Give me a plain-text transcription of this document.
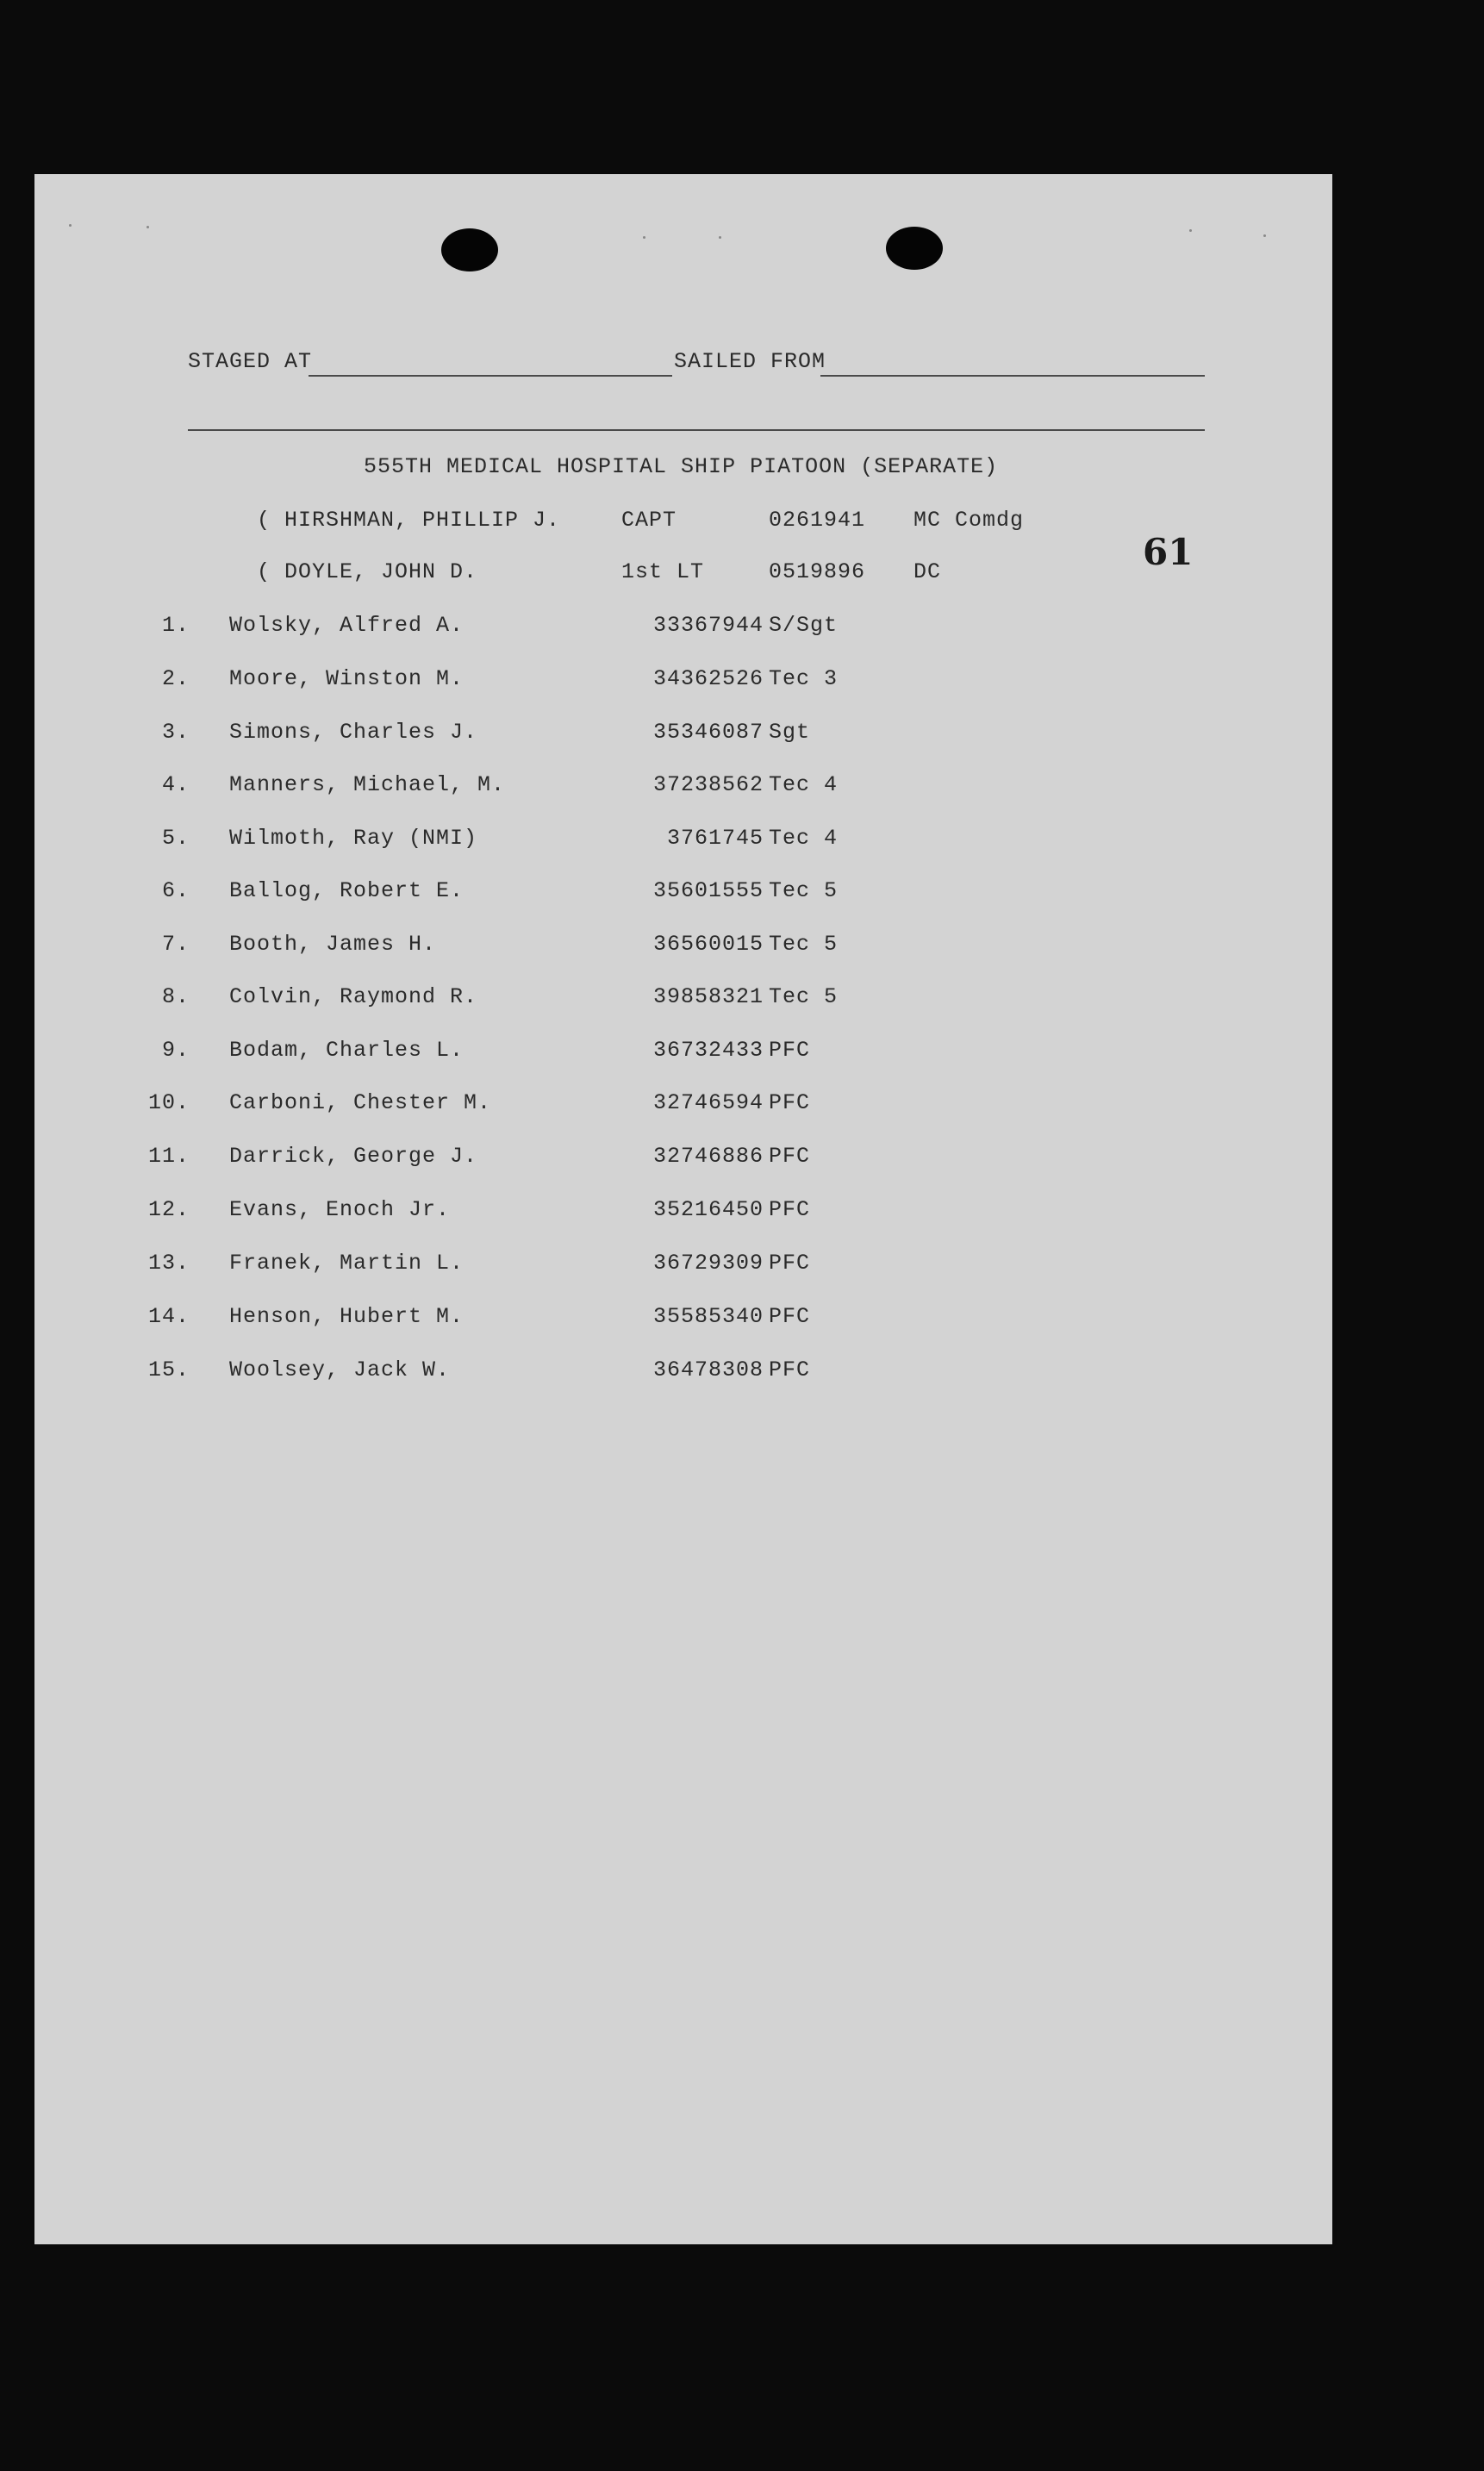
STAGED AT	SAILED FROM
555TH MEDICAL HOSPITAL SHIP PIATOON (SEPARATE)
61
( HIRSHMAN, PHILLIP J.	CAPT	0261941 MC Comdg
( DOYLE, JOHN D.	1st LT	0519896 DC
1. Wolsky, Alfred A.	33367944 S/Sgt
2. Moore, Winston M.	34362526 Tec 3
3. Simons, Charles J.	35346087 Sgt
4. Manners, Michael, M.	37238562 Tec 4
5. Wilmoth, Ray (NMI)	3761745 Tec 4
6. Ballog, Robert E.	35601555 Tec 5
7. Booth, James H.	36560015 Tec 5
8. Colvin, Raymond R.	39858321 Tec 5
9. Bodam, Charles L.	36732433 PFC
10. Carboni, Chester M.	32746594 PFC
11. Darrick, George J.	32746886 PFC
12. Evans, Enoch Jr.	35216450 PFC
13. Franek, Martin L.	36729309 PFC
14. Henson, Hubert M.	35585340 PFC
15. Woolsey, Jack W.	36478308 PFC
